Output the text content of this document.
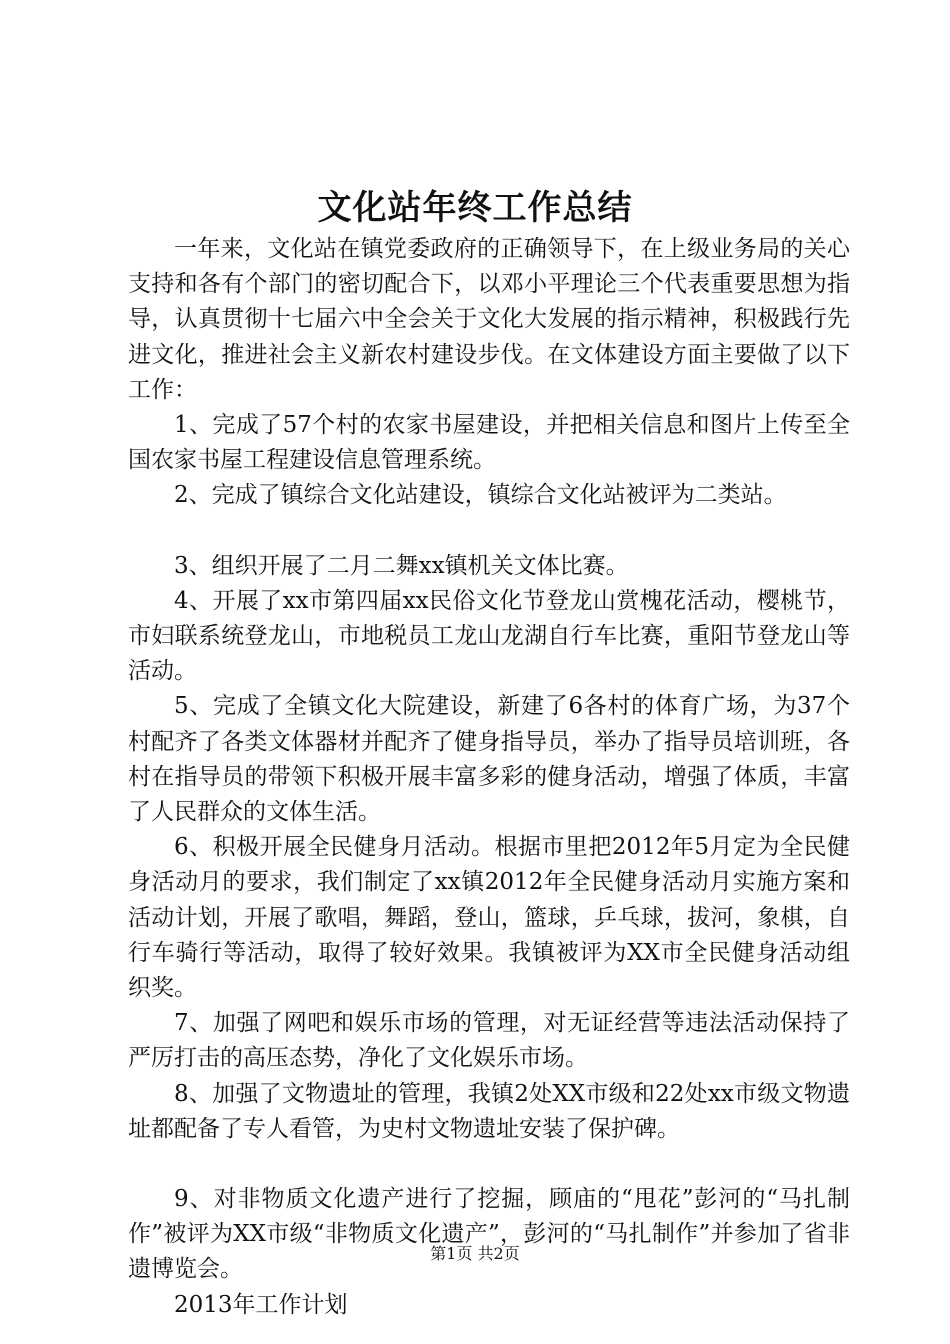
文化站年终工作总结

一年来，文化站在镇党委政府的正确领导下，在上级业务局的关心支持和各有个部门的密切配合下，以邓小平理论三个代表重要思想为指导，认真贯彻十七届六中全会关于文化大发展的指示精神，积极践行先进文化，推进社会主义新农村建设步伐。在文体建设方面主要做了以下工作：

1、完成了57个村的农家书屋建设，并把相关信息和图片上传至全国农家书屋工程建设信息管理系统。

2、完成了镇综合文化站建设，镇综合文化站被评为二类站。

3、组织开展了二月二舞xx镇机关文体比赛。

4、开展了xx市第四届xx民俗文化节登龙山赏槐花活动，樱桃节，市妇联系统登龙山，市地税员工龙山龙湖自行车比赛，重阳节登龙山等活动。

5、完成了全镇文化大院建设，新建了6各村的体育广场，为37个村配齐了各类文体器材并配齐了健身指导员，举办了指导员培训班，各村在指导员的带领下积极开展丰富多彩的健身活动，增强了体质，丰富了人民群众的文体生活。

6、积极开展全民健身月活动。根据市里把2012年5月定为全民健身活动月的要求，我们制定了xx镇2012年全民健身活动月实施方案和活动计划，开展了歌唱，舞蹈，登山，篮球，乒乓球，拔河，象棋，自行车骑行等活动，取得了较好效果。我镇被评为XX市全民健身活动组织奖。

7、加强了网吧和娱乐市场的管理，对无证经营等违法活动保持了严厉打击的高压态势，净化了文化娱乐市场。

8、加强了文物遗址的管理，我镇2处XX市级和22处xx市级文物遗址都配备了专人看管，为史村文物遗址安装了保护碑。

9、对非物质文化遗产进行了挖掘，顾庙的“甩花”彭河的“马扎制作”被评为XX市级“非物质文化遗产”，彭河的“马扎制作”并参加了省非遗博览会。

2013年工作计划

第1页 共2页
